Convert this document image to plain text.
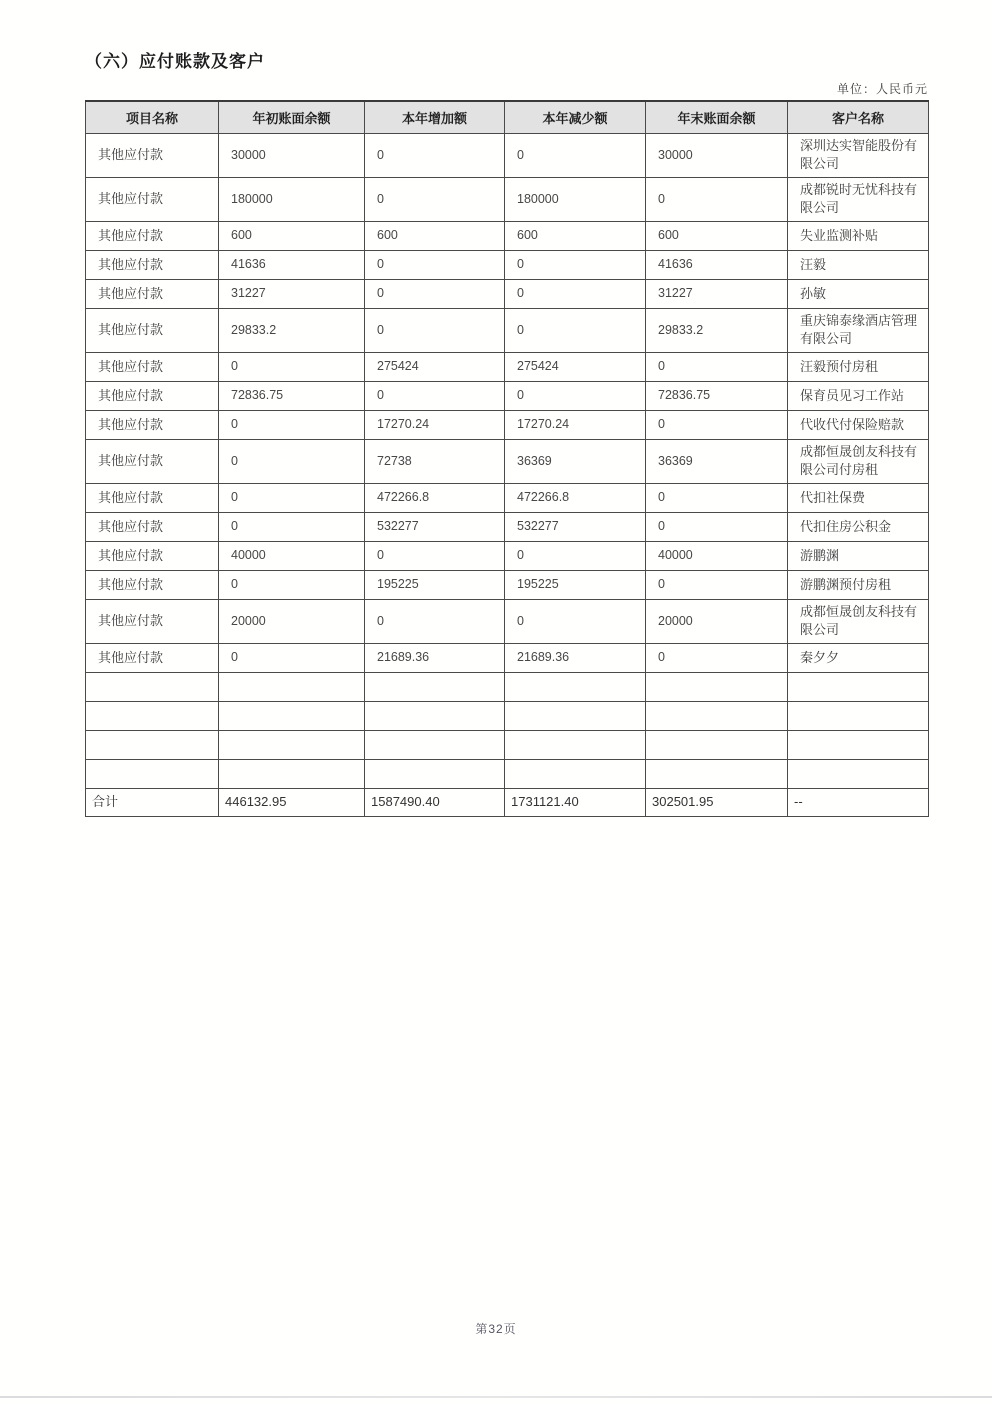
（六）应付账款及客户
单位：人民币元
项目名称	年初账面余额	本年增加额	本年减少额	年末账面余额	客户名称
其他应付款	30000	0	0	30000	深圳达实智能股份有限公司
其他应付款	180000	0	180000	0	成都锐时无忧科技有限公司
其他应付款	600	600	600	600	失业监测补贴
其他应付款	41636	0	0	41636	汪毅
其他应付款	31227	0	0	31227	孙敏
其他应付款	29833.2	0	0	29833.2	重庆锦泰缘酒店管理有限公司
其他应付款	0	275424	275424	0	汪毅预付房租
其他应付款	72836.75	0	0	72836.75	保育员见习工作站
其他应付款	0	17270.24	17270.24	0	代收代付保险赔款
其他应付款	0	72738	36369	36369	成都恒晟创友科技有限公司付房租
其他应付款	0	472266.8	472266.8	0	代扣社保费
其他应付款	0	532277	532277	0	代扣住房公积金
其他应付款	40000	0	0	40000	游鹏渊
其他应付款	0	195225	195225	0	游鹏渊预付房租
其他应付款	20000	0	0	20000	成都恒晟创友科技有限公司
其他应付款	0	21689.36	21689.36	0	秦夕夕

合计	446132.95	1587490.40	1731121.40	302501.95	--
第32页
